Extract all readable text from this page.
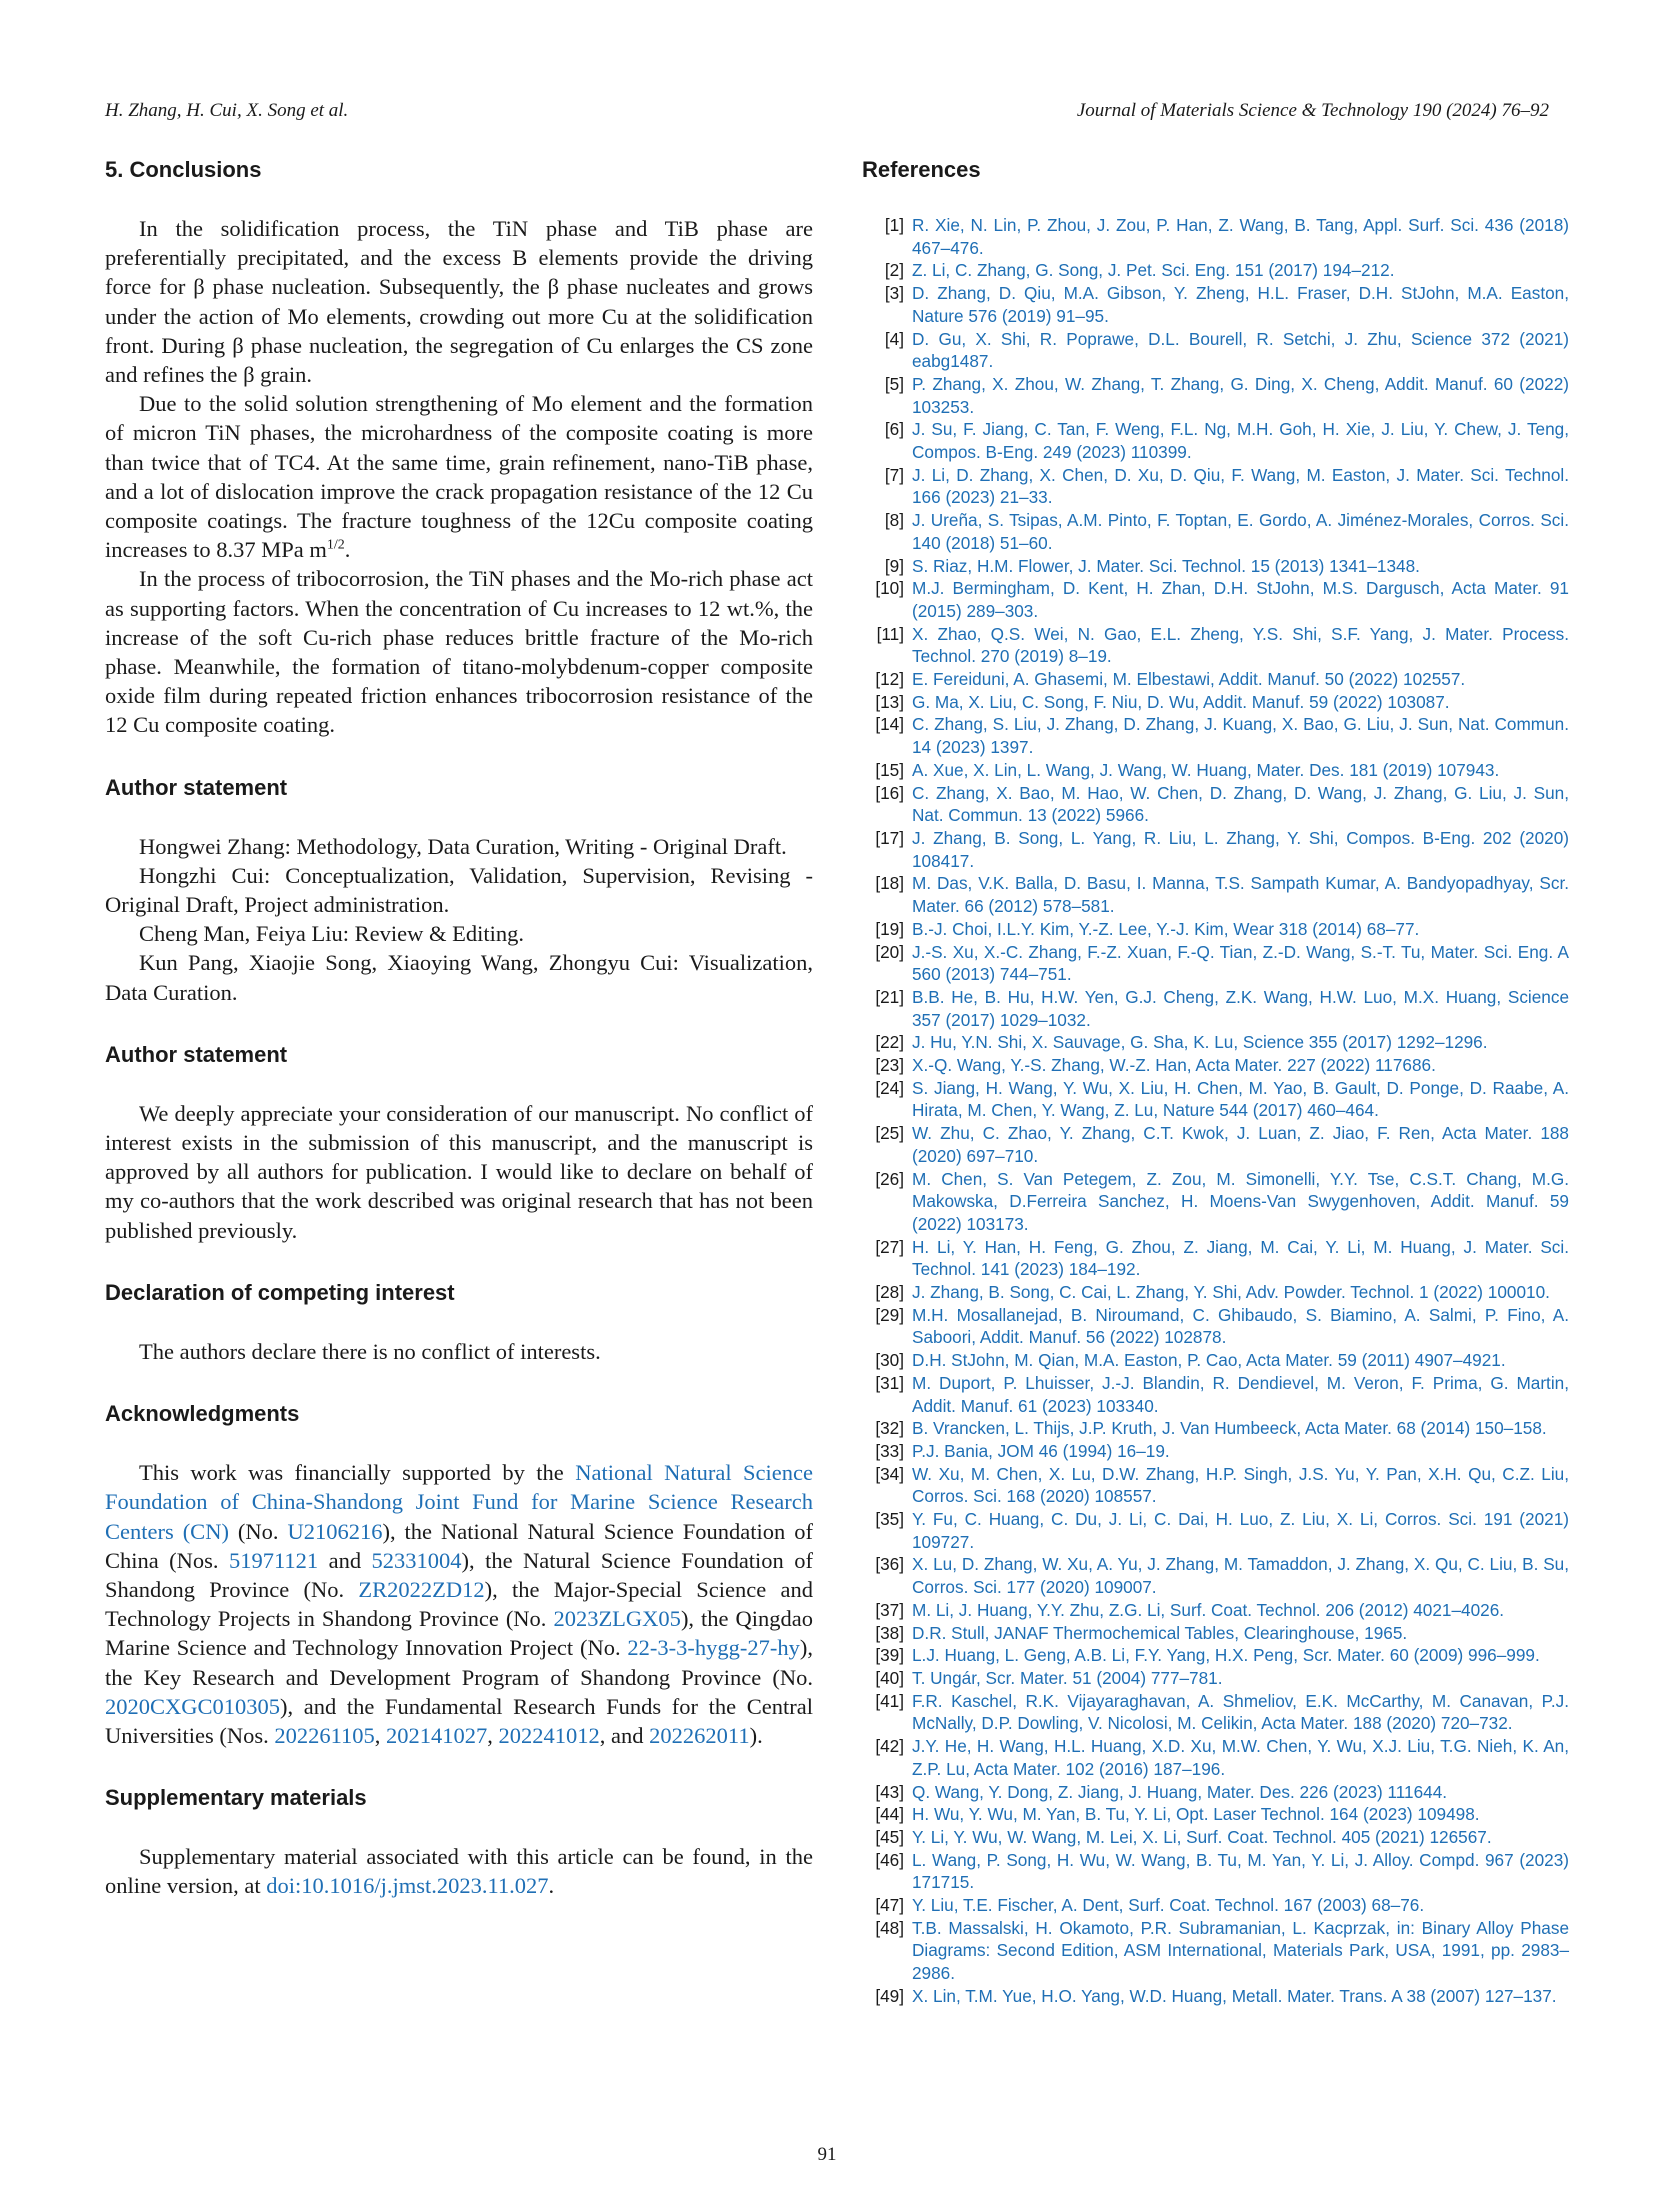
H. Zhang, H. Cui, X. Song et al.	Journal of Materials Science & Technology 190 (2024) 76–92
5. Conclusions

In the solidification process, the TiN phase and TiB phase are preferentially precipitated, and the excess B elements provide the driving force for β phase nucleation. Subsequently, the β phase nucleates and grows under the action of Mo elements, crowding out more Cu at the solidification front. During β phase nucleation, the segregation of Cu enlarges the CS zone and refines the β grain.

Due to the solid solution strengthening of Mo element and the formation of micron TiN phases, the microhardness of the composite coating is more than twice that of TC4. At the same time, grain refinement, nano-TiB phase, and a lot of dislocation improve the crack propagation resistance of the 12 Cu composite coatings. The fracture toughness of the 12Cu composite coating increases to 8.37 MPa $m^{1/2}$.

In the process of tribocorrosion, the TiN phases and the Mo-rich phase act as supporting factors. When the concentration of Cu increases to 12 wt.%, the increase of the soft Cu-rich phase reduces brittle fracture of the Mo-rich phase. Meanwhile, the formation of titano-molybdenum-copper composite oxide film during repeated friction enhances tribocorrosion resistance of the 12 Cu composite coating.

Author statement

Hongwei Zhang: Methodology, Data Curation, Writing - Original Draft.

Hongzhi Cui: Conceptualization, Validation, Supervision, Revising - Original Draft, Project administration.

Cheng Man, Feiya Liu: Review & Editing.

Kun Pang, Xiaojie Song, Xiaoying Wang, Zhongyu Cui: Visualization, Data Curation.

Author statement

We deeply appreciate your consideration of our manuscript. No conflict of interest exists in the submission of this manuscript, and the manuscript is approved by all authors for publication. I would like to declare on behalf of my co-authors that the work described was original research that has not been published previously.

Declaration of competing interest

The authors declare there is no conflict of interests.

Acknowledgments

This work was financially supported by the National Natural Science Foundation of China-Shandong Joint Fund for Marine Science Research Centers (CN) (No. U2106216), the National Natural Science Foundation of China (Nos. 51971121 and 52331004), the Natural Science Foundation of Shandong Province (No. ZR2022ZD12), the Major-Special Science and Technology Projects in Shandong Province (No. 2023ZLGX05), the Qingdao Marine Science and Technology Innovation Project (No. 22-3-3-hygg-27-hy), the Key Research and Development Program of Shandong Province (No. 2020CXGC010305), and the Fundamental Research Funds for the Central Universities (Nos. 202261105, 202141027, 202241012, and 202262011).

Supplementary materials

Supplementary material associated with this article can be found, in the online version, at doi:10.1016/j.jmst.2023.11.027.

References
[1] R. Xie, N. Lin, P. Zhou, J. Zou, P. Han, Z. Wang, B. Tang, Appl. Surf. Sci. 436 (2018) 467–476.
[2] Z. Li, C. Zhang, G. Song, J. Pet. Sci. Eng. 151 (2017) 194–212.
[3] D. Zhang, D. Qiu, M.A. Gibson, Y. Zheng, H.L. Fraser, D.H. StJohn, M.A. Easton, Nature 576 (2019) 91–95.
[4] D. Gu, X. Shi, R. Poprawe, D.L. Bourell, R. Setchi, J. Zhu, Science 372 (2021) eabg1487.
[5] P. Zhang, X. Zhou, W. Zhang, T. Zhang, G. Ding, X. Cheng, Addit. Manuf. 60 (2022) 103253.
[6] J. Su, F. Jiang, C. Tan, F. Weng, F.L. Ng, M.H. Goh, H. Xie, J. Liu, Y. Chew, J. Teng, Compos. B-Eng. 249 (2023) 110399.
[7] J. Li, D. Zhang, X. Chen, D. Xu, D. Qiu, F. Wang, M. Easton, J. Mater. Sci. Technol. 166 (2023) 21–33.
[8] J. Ureña, S. Tsipas, A.M. Pinto, F. Toptan, E. Gordo, A. Jiménez-Morales, Corros. Sci. 140 (2018) 51–60.
[9] S. Riaz, H.M. Flower, J. Mater. Sci. Technol. 15 (2013) 1341–1348.
[10] M.J. Bermingham, D. Kent, H. Zhan, D.H. StJohn, M.S. Dargusch, Acta Mater. 91 (2015) 289–303.
[11] X. Zhao, Q.S. Wei, N. Gao, E.L. Zheng, Y.S. Shi, S.F. Yang, J. Mater. Process. Technol. 270 (2019) 8–19.
[12] E. Fereiduni, A. Ghasemi, M. Elbestawi, Addit. Manuf. 50 (2022) 102557.
[13] G. Ma, X. Liu, C. Song, F. Niu, D. Wu, Addit. Manuf. 59 (2022) 103087.
[14] C. Zhang, S. Liu, J. Zhang, D. Zhang, J. Kuang, X. Bao, G. Liu, J. Sun, Nat. Commun. 14 (2023) 1397.
[15] A. Xue, X. Lin, L. Wang, J. Wang, W. Huang, Mater. Des. 181 (2019) 107943.
[16] C. Zhang, X. Bao, M. Hao, W. Chen, D. Zhang, D. Wang, J. Zhang, G. Liu, J. Sun, Nat. Commun. 13 (2022) 5966.
[17] J. Zhang, B. Song, L. Yang, R. Liu, L. Zhang, Y. Shi, Compos. B-Eng. 202 (2020) 108417.
[18] M. Das, V.K. Balla, D. Basu, I. Manna, T.S. Sampath Kumar, A. Bandyopadhyay, Scr. Mater. 66 (2012) 578–581.
[19] B.-J. Choi, I.L.Y. Kim, Y.-Z. Lee, Y.-J. Kim, Wear 318 (2014) 68–77.
[20] J.-S. Xu, X.-C. Zhang, F.-Z. Xuan, F.-Q. Tian, Z.-D. Wang, S.-T. Tu, Mater. Sci. Eng. A 560 (2013) 744–751.
[21] B.B. He, B. Hu, H.W. Yen, G.J. Cheng, Z.K. Wang, H.W. Luo, M.X. Huang, Science 357 (2017) 1029–1032.
[22] J. Hu, Y.N. Shi, X. Sauvage, G. Sha, K. Lu, Science 355 (2017) 1292–1296.
[23] X.-Q. Wang, Y.-S. Zhang, W.-Z. Han, Acta Mater. 227 (2022) 117686.
[24] S. Jiang, H. Wang, Y. Wu, X. Liu, H. Chen, M. Yao, B. Gault, D. Ponge, D. Raabe, A. Hirata, M. Chen, Y. Wang, Z. Lu, Nature 544 (2017) 460–464.
[25] W. Zhu, C. Zhao, Y. Zhang, C.T. Kwok, J. Luan, Z. Jiao, F. Ren, Acta Mater. 188 (2020) 697–710.
[26] M. Chen, S. Van Petegem, Z. Zou, M. Simonelli, Y.Y. Tse, C.S.T. Chang, M.G. Makowska, D.Ferreira Sanchez, H. Moens-Van Swygenhoven, Addit. Manuf. 59 (2022) 103173.
[27] H. Li, Y. Han, H. Feng, G. Zhou, Z. Jiang, M. Cai, Y. Li, M. Huang, J. Mater. Sci. Technol. 141 (2023) 184–192.
[28] J. Zhang, B. Song, C. Cai, L. Zhang, Y. Shi, Adv. Powder. Technol. 1 (2022) 100010.
[29] M.H. Mosallanejad, B. Niroumand, C. Ghibaudo, S. Biamino, A. Salmi, P. Fino, A. Saboori, Addit. Manuf. 56 (2022) 102878.
[30] D.H. StJohn, M. Qian, M.A. Easton, P. Cao, Acta Mater. 59 (2011) 4907–4921.
[31] M. Duport, P. Lhuisser, J.-J. Blandin, R. Dendievel, M. Veron, F. Prima, G. Martin, Addit. Manuf. 61 (2023) 103340.
[32] B. Vrancken, L. Thijs, J.P. Kruth, J. Van Humbeeck, Acta Mater. 68 (2014) 150–158.
[33] P.J. Bania, JOM 46 (1994) 16–19.
[34] W. Xu, M. Chen, X. Lu, D.W. Zhang, H.P. Singh, J.S. Yu, Y. Pan, X.H. Qu, C.Z. Liu, Corros. Sci. 168 (2020) 108557.
[35] Y. Fu, C. Huang, C. Du, J. Li, C. Dai, H. Luo, Z. Liu, X. Li, Corros. Sci. 191 (2021) 109727.
[36] X. Lu, D. Zhang, W. Xu, A. Yu, J. Zhang, M. Tamaddon, J. Zhang, X. Qu, C. Liu, B. Su, Corros. Sci. 177 (2020) 109007.
[37] M. Li, J. Huang, Y.Y. Zhu, Z.G. Li, Surf. Coat. Technol. 206 (2012) 4021–4026.
[38] D.R. Stull, JANAF Thermochemical Tables, Clearinghouse, 1965.
[39] L.J. Huang, L. Geng, A.B. Li, F.Y. Yang, H.X. Peng, Scr. Mater. 60 (2009) 996–999.
[40] T. Ungár, Scr. Mater. 51 (2004) 777–781.
[41] F.R. Kaschel, R.K. Vijayaraghavan, A. Shmeliov, E.K. McCarthy, M. Canavan, P.J. McNally, D.P. Dowling, V. Nicolosi, M. Celikin, Acta Mater. 188 (2020) 720–732.
[42] J.Y. He, H. Wang, H.L. Huang, X.D. Xu, M.W. Chen, Y. Wu, X.J. Liu, T.G. Nieh, K. An, Z.P. Lu, Acta Mater. 102 (2016) 187–196.
[43] Q. Wang, Y. Dong, Z. Jiang, J. Huang, Mater. Des. 226 (2023) 111644.
[44] H. Wu, Y. Wu, M. Yan, B. Tu, Y. Li, Opt. Laser Technol. 164 (2023) 109498.
[45] Y. Li, Y. Wu, W. Wang, M. Lei, X. Li, Surf. Coat. Technol. 405 (2021) 126567.
[46] L. Wang, P. Song, H. Wu, W. Wang, B. Tu, M. Yan, Y. Li, J. Alloy. Compd. 967 (2023) 171715.
[47] Y. Liu, T.E. Fischer, A. Dent, Surf. Coat. Technol. 167 (2003) 68–76.
[48] T.B. Massalski, H. Okamoto, P.R. Subramanian, L. Kacprzak, in: Binary Alloy Phase Diagrams: Second Edition, ASM International, Materials Park, USA, 1991, pp. 2983–2986.
[49] X. Lin, T.M. Yue, H.O. Yang, W.D. Huang, Metall. Mater. Trans. A 38 (2007) 127–137.
91
